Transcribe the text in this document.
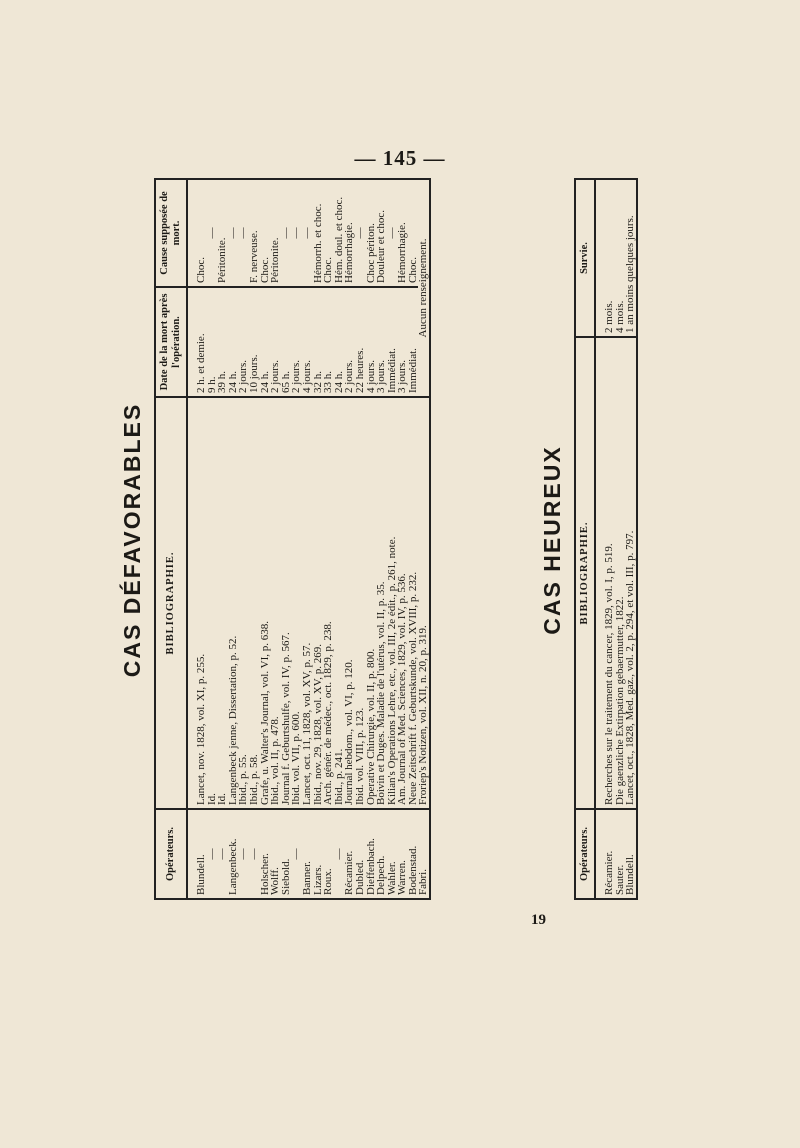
— 145 —
CAS DÉFAVORABLES
Opérateurs.	BIBLIOGRAPHIE.	Date de la mort après l'opération.	Cause supposée de mort.
Blundell.	Lancet, nov. 1828, vol. XI, p. 255.	2 h. et demie.	Choc.
—	Id.	9 h.	—
—	Id.	39 h.	Péritonite.
Langenbeck.	Langenbeck jenne, Dissertation, p. 52.	24 h.	—
—	Ibid., p. 55.	2 jours.	—
—	Ibid., p. 58.	10 jours.	F. nerveuse.
Holscher.	Grafe, u. Walter's Journal, vol. VI, p. 638.	24 h.	Choc.
Wolff.	Ibid., vol. II, p. 478.	2 jours.	Péritonite.
Siebold.	Journal f. Geburtshulfe, vol. IV, p. 567.	65 h.	—
—	Ibid. vol. VII, p. 600.	2 jours.	—
Banner.	Lancet, oct. 11, 1828, vol. XV, p. 57.	4 jours.	—
Lizars.	Ibid., nov. 29, 1828, vol. XV, p. 269.	32 h.	Hémorrh. et choc.
Roux.	Arch. génér. de médec., oct. 1829, p. 238.	33 h.	Choc.
—	Ibid., p. 241.	24 h.	Hém. doul. et choc.
Récamier.	Journal hebdom., vol. VI, p. 120.	2 jours.	Hémorrhagie.
Dubled.	Ibid. vol. VIII, p. 123.	22 heures.	—
Dieffenbach.	Operative Chirurgie, vol. II, p. 800.	4 jours.	Choc périton.
Delpech.	Boivin et Duges. Maladie de l'utérus, vol. II, p. 35.	3 jours.	Douleur et choc.
Wahler.	Kilian's Operations Lehre, etc., vol. III, 2e édit., p. 261, note.	Immédiat.	—
Warren.	Am. Journal of Med. Sciences, 1829, vol. IV, p. 536.	3 jours.	Hémorrhagie.
Bodenstad.	Neue Zeitschrift f. Geburtskunde, vol. XVIII, p. 232.	Immédiat.	Choc.
Fabri.	Froriep's Notizen, vol. XII, n. 20, p. 319.	Aucun renseignement.	
CAS HEUREUX
Opérateurs.	BIBLIOGRAPHIE.	Survie.
Récamier.	Recherches sur le traitement du cancer, 1829, vol. I, p. 519.	2 mois.
Sauter.	Die gaenzliche Extirpation gebaermutter, 1822.	4 mois.
Blundell.	Lancet, oct., 1828, Med. gaz., vol. 2, p. 294, et vol. III, p. 797.	1 an moins quelques jours.
19
